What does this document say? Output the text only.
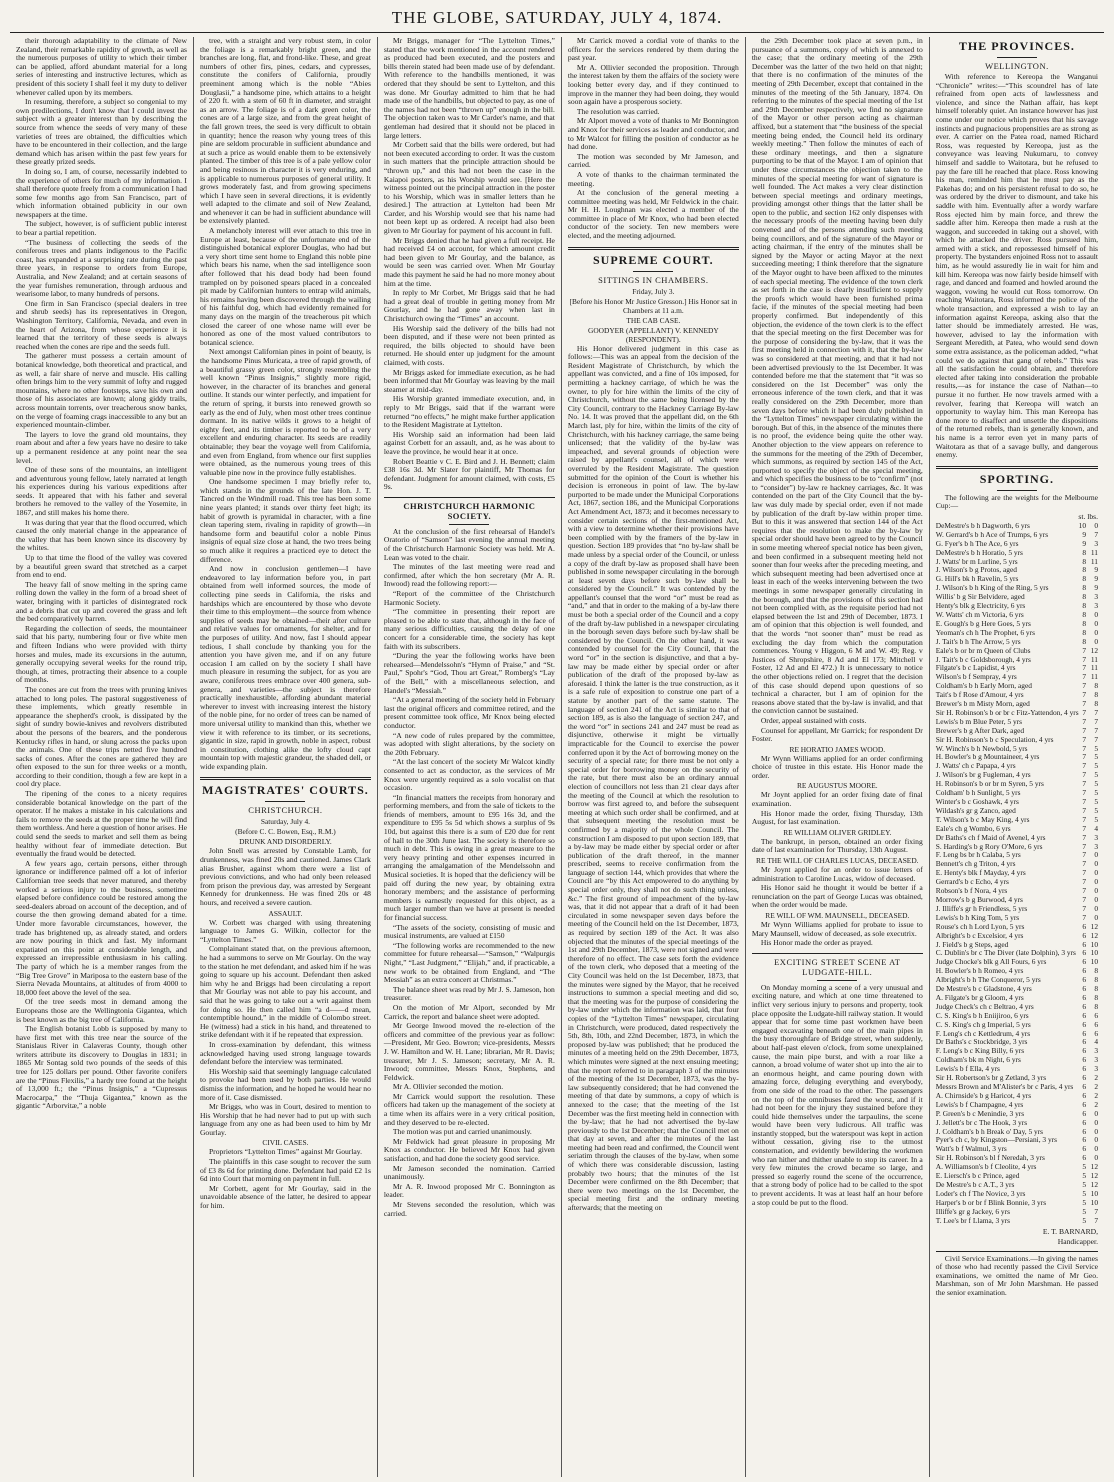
THE GLOBE, SATURDAY, JULY 4, 1874.

their thorough adaptability to the climate of New Zealand, their remarkable rapidity of growth, as well as the numerous purposes of utility to which their timber can be applied, afford abundant material for a long series of interesting and instructive lectures, which as president of this society I shall feel it my duty to deliver whenever called upon by its members.

In resuming, therefore, a subject so congenial to my own predilections, I don't know that I could invest the subject with a greater interest than by describing the source from whence the seeds of very many of these varieties of trees are obtained, the difficulties which have to be encountered in their collection, and the large demand which has arisen within the past few years for these greatly prized seeds.

In doing so, I am, of course, necessarily indebted to the experience of others for much of my information. I shall therefore quote freely from a communication I had some few months ago from San Francisco, part of which information obtained publicity in our own newspapers at the time.

The subject, however, is of sufficient public interest to bear a partial repetition.

“The business of collecting the seeds of the coniferous trees and plants indigenous to the Pacific coast, has expanded at a surprising rate during the past three years, in response to orders from Europe, Australia, and New Zealand; and at certain seasons of the year furnishes remuneration, through arduous and wearisome labor, to many hundreds of persons.

One firm in San Francisco (special dealers in tree and shrub seeds) has its representatives in Oregon, Washington Territory, California, Nevada, and even in the heart of Arizona, from whose experience it is learned that the territory of these seeds is always reached when the cones are ripe and the seeds full.

The gatherer must possess a certain amount of botanical knowledge, both theoretical and practical, and as well, a fair share of nerve and muscle. His calling often brings him to the very summit of lofty and rugged mountains, where no other footsteps, save his own and those of his associates are known; along giddy trails, across mountain torrents, over treacherous snow banks, on the verge of foaming crags inaccessible to any but an experienced mountain-climber.

The layers to love the grand old mountains, they roam about and after a few years have no desire to take up a permanent residence at any point near the sea level.

One of these sons of the mountains, an intelligent and adventurous young fellow, lately narrated at length his experiences during his various expeditions after seeds. It appeared that with his father and several brothers he removed to the valley of the Yosemite, in 1867, and still makes his home there.

It was during that year that the flood occurred, which caused the only material change in the appearance of the valley that has been known since its discovery by the whites.

Up to that time the flood of the valley was covered by a beautiful green sward that stretched as a carpet from end to end.

The heavy fall of snow melting in the spring came rolling down the valley in the form of a broad sheet of water, bringing with it particles of disintegrated rock and a debris that cut up and covered the grass and left the bed comparatively barren.

Regarding the collection of seeds, the mountaineer said that his party, numbering four or five white men and fifteen Indians who were provided with thirty horses and mules, made its excursions in the autumn, generally occupying several weeks for the round trip, though, at times, protracting their absence to a couple of months.

The cones are cut from the trees with pruning knives attached to long poles. The pastoral suggestiveness of these implements, which greatly resemble in appearance the shepherd's crook, is dissipated by the sight of sundry bowie-knives and revolvers distributed about the persons of the bearers, and the ponderous Kentucky rifles in hand, or slung across the packs upon the animals. One of these trips netted five hundred sacks of cones. After the cones are gathered they are often exposed to the sun for three weeks or a month, according to their condition, though a few are kept in a cool dry place.

The ripening of the cones to a nicety requires considerable botanical knowledge on the part of the operator. If he makes a mistake in his calculations and fails to remove the seeds at the proper time he will find them worthless. And here a question of honor arises. He could send the seeds to market and sell them as being healthy without fear of immediate detection. But eventually the fraud would be detected.

A few years ago, certain persons, either through ignorance or indifference palmed off a lot of inferior Californian tree seeds that never matured, and thereby worked a serious injury to the business, sometime elapsed before confidence could be restored among the seed-dealers abroad on account of the deception, and of course the then growing demand abated for a time. Under more favorable circumstances, however, the trade has brightened up, as already stated, and orders are now pouring in thick and fast. My informant expatiated on this point at considerable length, and expressed an irrepressible enthusiasm in his calling. The party of which he is a member ranges from the “Big Tree Grove” in Mariposa to the eastern base of the Sierra Nevada Mountains, at altitudes of from 4000 to 18,000 feet above the level of the sea.

Of the tree seeds most in demand among the Europeans those are the Wellingtonia Gigantea, which is best known as the big tree of California.

The English botanist Lobb is supposed by many to have first met with this tree near the source of the Stanislaus River in Calaveras County, though other writers attribute its discovery to Douglas in 1831; in 1865 Mr Sontag sold two pounds of the seeds of this tree for 125 dollars per pound. Other favorite conifers are the “Pinus Flexilis,” a hardy tree found at the height of 13,000 ft.; the “Pinus Insignis,” a “Cupressus Macrocarpa,” the “Thuja Gigantea,” known as the gigantic “Arborvitæ,” a noble

tree, with a straight and very robust stem, in color the foliage is a remarkably bright green, and the branches are long, flat, and frond-like. These, and great numbers of other firs, pines, cedars, and cypresses, constitute the conifers of California, proudly preeminent among which is the noble “Abies Douglasii,” a handsome pine, which attains to a height of 220 ft. with a stem of 60 ft in diameter, and straight as an arrow. The foliage is of a dark green color, the cones are of a large size, and from the great height of the fall grown trees, the seed is very difficult to obtain in quantity; hence the reason why young trees of this pine are seldom procurable in sufficient abundance and at such a price as would enable them to be extensively planted. The timber of this tree is of a pale yellow color and being resinous in character it is very enduring, and is applicable to numerous purposes of general utility. It grows moderately fast, and from growing specimens which I have seen in several directions, it is evidently well adapted to the climate and soil of New Zealand, and whenever it can be had in sufficient abundance will be extensively planted.

A melancholy interest will ever attach to this tree in Europe at least, because of the unfortunate end of the distinguished botanical explorer Douglas, who had but a very short time sent home to England this noble pine which bears his name, when the sad intelligence soon after followed that his dead body had been found trampled on by poisoned spears placed in a concealed pit made by Californian hunters to entrap wild animals, his remains having been discovered through the wailing of his faithful dog, which had evidently remained for many days on the margin of the treacherous pit which closed the career of one whose name will ever be honored as one of the most valued contributors to botanical science.

Next amongst Californian pines in point of beauty, is the handsome Pinus Muricata, a tree of rapid growth, of a beautiful grassy green color, strongly resembling the well known “Pinus Insignis,” slightly more rigid, however, in the character of its branches and general outline. It stands our winter perfectly, and impatient for the return of spring, it bursts into renewed growth so early as the end of July, when most other trees continue dormant. In its native wilds it grows to a height of eighty feet, and its timber is reported to be of a very excellent and enduring character. Its seeds are readily obtainable; they bear the voyage well from California, and even from England, from whence our first supplies were obtained, as the numerous young trees of this valuable pine now in the province fully establishes.

One handsome specimen I may briefly refer to, which stands in the grounds of the late Hon. J. T. Tancred on the Windmill road. This tree has been some nine years planted; it stands over thirty feet high; its habit of growth is pyramidal in character, with a fine clean tapering stem, rivaling in rapidity of growth—in handsome form and beautiful color a noble Pinus insignis of equal size close at hand, the two trees being so much alike it requires a practiced eye to detect the difference.

And now in conclusion gentlemen—I have endeavored to lay information before you, in part obtained from well informed sources, the mode of collecting pine seeds in California, the risks and hardships which are encountered by those who devote their time to this employment—the source from whence supplies of seeds may be obtained—their after culture and relative values for ornaments, for shelter, and for the purposes of utility. And now, fast I should appear tedious, I shall conclude by thanking you for the attention you have given me, and if on any future occasion I am called on by the society I shall have much pleasure in resuming the subject, for as you are aware, coniferous trees embrace over 400 genera, sub-genera, and varieties—the subject is therefore practically inexhaustible, affording abundant material wherever to invest with increasing interest the history of the noble pine, for no order of trees can be named of more universal utility to mankind than this, whether we view it with reference to its timber, or its secretions, gigantic in size, rapid in growth, noble in aspect, robust in constitution, clothing alike the lofty cloud capt mountain top with majestic grandeur, the shaded dell, or wide expanding plain.

MAGISTRATES' COURTS.
CHRISTCHURCH.
Saturday, July 4.
(Before C. C. Bowen, Esq., R.M.)
DRUNK AND DISORDERLY.

John Snell was arrested by Constable Lamb, for drunkenness, was fined 20s and cautioned. James Clark alias Brusher, against whom there were a list of previous convictions, and who had only been released from prison the previous day, was arrested by Sergeant Kennedy for drunkenness. He was fined 20s or 48 hours, and received a severe caution.

ASSAULT.

W. Corbett was charged with using threatening language to James G. Wilkin, collector for the “Lyttelton Times.”

Complainant stated that, on the previous afternoon, he had a summons to serve on Mr Gourlay. On the way to the station he met defendant, and asked him if he was going to square up his account. Defendant then asked him why he and Briggs had been circulating a report that Mr Gourlay was not able to pay his account, and said that he was going to take out a writ against them for doing so. He then called him “a d——d mean, contemptible hound,” in the middle of Colombo street. He (witness) had a stick in his hand, and threatened to strike defendant with it if he repeated that expression.

In cross-examination by defendant, this witness acknowledged having used strong language towards defendant before the interview was terminated.

His Worship said that seemingly language calculated to provoke had been used by both parties. He would dismiss the information, and he hoped he would hear no more of it. Case dismissed.

Mr Briggs, who was in Court, desired to mention to His Worship that he had never had to put up with such language from any one as had been used to him by Mr Gourlay.

CIVIL CASES.

Proprietors “Lyttelton Times” against Mr Gourlay.

The plaintiffs in this case sought to recover the sum of £3 8s 6d for printing done. Defendant had paid £2 1s 6d into Court that morning on payment in full.

Mr Corbett, agent for Mr Gourlay, said in the unavoidable absence of the latter, he desired to appear for him.

Mr Briggs, manager for “The Lyttelton Times,” stated that the work mentioned in the account rendered as produced had been executed, and the posters and bills therein stated had been made use of by defendant. With reference to the handbills mentioned, it was ordered that they should be sent to Lyttelton, and this was done. Mr Gourlay admitted to him that he had made use of the handbills, but objected to pay, as one of the names had not been “thrown up” enough in the bill. The objection taken was to Mr Carder's name, and that gentleman had desired that it should not be placed in large letters.

Mr Corbett said that the bills were ordered, but had not been executed according to order. It was the custom in such matters that the principle attraction should be “thrown up,” and this had not been the case in the Kaiapoi posters, as his Worship would see. [Here the witness pointed out the principal attraction in the poster to his Worship, which was in smaller letters than he desired.] The attraction at Lyttelton had been Mr Carder, and his Worship would see that his name had not been kept up as ordered. A receipt had also been given to Mr Gourlay for payment of his account in full.

Mr Briggs denied that he had given a full receipt. He had received £4 on account, for which amount credit had been given to Mr Gourlay, and the balance, as would be seen was carried over. When Mr Gourlay made this payment he said he had no more money about him at the time.

In reply to Mr Corbet, Mr Briggs said that he had had a great deal of trouble in getting money from Mr Gourlay, and he had gone away when last in Christchurch owing the “Times” an account.

His Worship said the delivery of the bills had not been disputed, and if these were not been printed as required, the bills objected to should have been returned. He should enter up judgment for the amount claimed, with costs.

Mr Briggs asked for immediate execution, as he had been informed that Mr Gourlay was leaving by the mail steamer at mid-day.

His Worship granted immediate execution, and, in reply to Mr Briggs, said that if the warrant were returned “no effects,” he might make further application to the Resident Magistrate at Lyttelton.

His Worship said an information had been laid against Corbett for an assault, and, as he was about to leave the province, he would hear it at once.

Robert Beattie v C. E. Bird and J. H. Bennett; claim £38 16s 3d. Mr Slater for plaintiff, Mr Thomas for defendant. Judgment for amount claimed, with costs, £5 9s.

CHRISTCHURCH HARMONIC SOCIETY.

At the conclusion of the first rehearsal of Handel's Oratorio of “Samson” last evening the annual meeting of the Christchurch Harmonic Society was held. Mr A. Lean was voted to the chair.

The minutes of the last meeting were read and confirmed, after which the hon secretary (Mr A. R. Inwood) read the following report:—

“Report of the committee of the Christchurch Harmonic Society.

“The committee in presenting their report are pleased to be able to state that, although in the face of many serious difficulties, causing the delay of one concert for a considerable time, the society has kept faith with its subscribers.

“During the year the following works have been rehearsed—Mendelssohn's “Hymn of Praise,” and “St. Paul,” Spohr's “God, Thou art Great,” Romberg's “Lay of the Bell,” with a miscellaneous selection, and Handel's “Messiah.”

“At a general meeting of the society held in February last the original officers and committee retired, and the present committee took office, Mr Knox being elected conductor.

“A new code of rules prepared by the committee, was adopted with slight alterations, by the society on the 20th February.

“At the last concert of the society Mr Walcot kindly consented to act as conductor, as the services of Mr Knox were urgently required as a solo vocalist on that occasion.

“In financial matters the receipts from honorary and performing members, and from the sale of tickets to the friends of members, amount to £95 16s 3d, and the expenditure to £95 5s 5d which shows a surplus of 9s 10d, but against this there is a sum of £20 due for rent of hall to the 30th June last. The society is therefore so much in debt. This is owing in a great measure to the very heavy printing and other expenses incurred in arranging the amalgamation of the Mendelssohn and Musical societies. It is hoped that the deficiency will be paid off during the new year, by obtaining extra honorary members; and the assistance of performing members is earnestly requested for this object, as a much larger number than we have at present is needed for financial success.

“The assets of the society, consisting of music and musical instruments, are valued at £150

“The following works are recommended to the new committee for future rehearsal—“Samson,” “Walpurgis Night,” “Last Judgment,” “Elijah,” and, if practicable, a new work to be obtained from England, and “The Messiah” as an extra concert at Christmas.”

The balance sheet was read by Mr J. S. Jameson, hon treasurer.

On the motion of Mr Alport, seconded by Mr Carrick, the report and balance sheet were adopted.

Mr George Inwood moved the re-election of the officers and committee of the previous year as follow:—President, Mr Geo. Bowron; vice-presidents, Messrs J. W. Hamilton and W. H. Lane; librarian, Mr R. Davis; treasurer, Mr J. S. Jameson; secretary, Mr A. R. Inwood; committee, Messrs Knox, Stephens, and Feldwick.

Mr A. Ollivier seconded the motion.

Mr Carrick would support the resolution. These officers had taken up the management of the society at a time when its affairs were in a very critical position, and they deserved to be re-elected.

The motion was put and carried unanimously.

Mr Feldwick had great pleasure in proposing Mr Knox as conductor. He believed Mr Knox had given satisfaction, and had done the society good service.

Mr Jameson seconded the nomination. Carried unanimously.

Mr A. R. Inwood proposed Mr C. Bonnington as leader.

Mr Stevens seconded the resolution, which was carried.

Mr Carrick moved a cordial vote of thanks to the officers for the services rendered by them during the past year.

Mr A. Ollivier seconded the proposition. Through the interest taken by them the affairs of the society were looking better every day, and if they continued to improve in the manner they had been doing, they would soon again have a prosperous society.

The resolution was carried.

Mr Alport moved a vote of thanks to Mr Bonnington and Knox for their services as leader and conductor, and to Mr Walcot for filling the position of conductor as he had done.

The motion was seconded by Mr Jameson, and carried.

A vote of thanks to the chairman terminated the meeting.

At the conclusion of the general meeting a committee meeting was held, Mr Feldwick in the chair. Mr H. H. Loughnan was elected a member of the committee in place of Mr Knox, who had been elected conductor of the society. Ten new members were elected, and the meeting adjourned.

SUPREME COURT.
SITTINGS IN CHAMBERS.
Friday, July 3.
[Before his Honor Mr Justice Gresson.] His Honor sat in Chambers at 11 a.m.
THE CAB CASE.
GOODYER (APPELLANT) V. KENNEDY (RESPONDENT).

His Honor delivered judgment in this case as follows:—This was an appeal from the decision of the Resident Magistrate of Christchurch, by which the appellant was convicted, and a fine of 10s imposed, for permitting a hackney carriage, of which he was the owner, to ply for hire within the limits of the city of Christchurch, without the same being licensed by the City Council, contrary to the Hackney Carriage By-law No. 14. It was proved that the appellant did, on the 6th March last, ply for hire, within the limits of the city of Christchurch, with his hackney carriage, the same being unlicensed; that the validity of the by-law was impeached, and several grounds of objection were raised by appellant's counsel, all of which were overruled by the Resident Magistrate. The question submitted for the opinion of the Court is whether his decision is erroneous in point of law. The by-law purported to be made under the Municipal Corporations Act, 1867, section 186, and the Municipal Corporations Act Amendment Act, 1873; and it becomes necessary to consider certain sections of the first-mentioned Act, with a view to determine whether their provisions have been complied with by the framers of the by-law in question. Section 189 provides that “no by-law shall be made unless by a special order of the Council, or unless a copy of the draft by-law as proposed shall have been published in some newspaper circulating in the borough at least seven days before such by-law shall be considered by the Council.” It was contended by the appellant's counsel that the word “or” must be read as “and,” and that in order to the making of a by-law there must be both a special order of the Council and a copy of the draft by-law published in a newspaper circulating in the borough seven days before such by-law shall be considered by the Council. On the other hand, it was contended by counsel for the City Council, that the word “or” in the section is disjunctive, and that a by-law may be made either by special order or after publication of the draft of the proposed by-law as aforesaid. I think the latter is the true construction, as it is a safe rule of exposition to construe one part of a statute by another part of the same statute. The language of section 241 of the Act is similar to that of section 189, as is also the language of section 247, and the word “or” in sections 241 and 247 must be read as disjunctive, otherwise it might be virtually impracticable for the Council to exercise the power conferred upon it by the Act of borrowing money on the security of a special rate; for there must be not only a special order for borrowing money on the security of the rate, but there must also be an ordinary annual election of councillors not less than 21 clear days after the meeting of the Council at which the resolution to borrow was first agreed to, and before the subsequent meeting at which such order shall be confirmed, and at that subsequent meeting the resolution must be confirmed by a majority of the whole Council. The construction I am disposed to put upon section 189, that a by-law may be made either by special order or after publication of the draft thereof, in the manner prescribed, seems to receive confirmation from the language of section 144, which provides that where the Council are “by this Act empowered to do anything by special order only, they shall not do such thing unless, &c.” The first ground of impeachment of the by-law was, that it did not appear that a draft of it had been circulated in some newspaper seven days before the meeting of the Council held on the 1st December, 1873, as required by section 189 of the Act. It was also objected that the minutes of the special meetings of the 1st and 29th December, 1873, were not signed and were therefore of no effect. The case sets forth the evidence of the town clerk, who deposed that a meeting of the City Council was held on the 1st December, 1873, that the minutes were signed by the Mayor, that he received instructions to summon a special meeting and did so, that the meeting was for the purpose of considering the by-law under which the information was laid, that four copies of the “Lyttelton Times” newspaper, circulating in Christchurch, were produced, dated respectively the 5th, 8th, 10th, and 22nd December, 1873, in which the proposed by-law was published; that he produced the minutes of a meeting held on the 29th December, 1873, which minutes were signed at the next ensuing meeting; that the report referred to in paragraph 3 of the minutes of the meeting of the 1st December, 1873, was the by-law subsequently considered; that he had convened the meeting of that date by summons, a copy of which is annexed to the case; that the meeting of the 1st December was the first meeting held in connection with the by-law; that he had not advertised the by-law previously to the 1st December; that the Council met on that day at seven, and after the minutes of the last meeting had been read and confirmed, the Council went seriatim through the clauses of the by-law, when some of which there was considerable discussion, lasting probably two hours; that the minutes of the 1st December were confirmed on the 8th December; that there were two meetings on the 1st December, the special meeting first and the ordinary meeting afterwards; that the meeting on

the 29th December took place at seven p.m., in pursuance of a summons, copy of which is annexed to the case; that the ordinary meeting of the 29th December was the latter of the two held on that night; that there is no confirmation of the minutes of the meeting of 29th December, except that contained in the minutes of the meeting of the 5th January, 1874. On referring to the minutes of the special meeting of the 1st and 29th December respectively, we find no signature of the Mayor or other person acting as chairman affixed, but a statement that “the business of the special meeting being ended, the Council held its ordinary weekly meeting.” Then follow the minutes of each of these ordinary meetings, and then a signature purporting to be that of the Mayor. I am of opinion that under these circumstances the objection taken to the minutes of the special meeting for want of signature is well founded. The Act makes a very clear distinction between special meetings and ordinary meetings, providing amongst other things that the latter shall be open to the public, and section 162 only dispenses with the necessary proofs of the meeting having been duly convened and of the persons attending such meeting being councillors, and of the signature of the Mayor or acting chairman, if the entry of the minutes shall be signed by the Mayor or acting Mayor at the next succeeding meeting; I think therefore that the signature of the Mayor ought to have been affixed to the minutes of each special meeting. The evidence of the town clerk as set forth in the case is clearly insufficient to supply the proofs which would have been furnished prima facie, if the minutes of the special meeting had been properly confirmed. But independently of this objection, the evidence of the town clerk is to the effect that the special meeting on the first December was for the purpose of considering the by-law, that it was the first meeting held in connection with it, that the by-law was so considered at that meeting, and that it had not been advertised previously to the 1st December. It was contended before me that the statement that “it was so considered on the 1st December” was only the erroneous inference of the town clerk, and that it was really considered on the 29th December, more than seven days before which it had been duly published in the “Lyttelton Times” newspaper circulating within the borough. But of this, in the absence of the minutes there is no proof, the evidence being quite the other way. Another objection to the view appears on reference to the summons for the meeting of the 29th of December, which summons, as required by section 145 of the Act, purported to specify the object of the special meeting, and which specifies the business to be to “confirm” (not to “consider”) by-law re hackney carriages, &c. It was contended on the part of the City Council that the by-law was duly made by special order, even if not made by publication of the draft by-law within proper time. But to this it was answered that section 144 of the Act requires that the resolution to make the by-law by special order should have been agreed to by the Council in some meeting whereof special notice has been given, and been confirmed in a subsequent meeting held not sooner than four weeks after the preceding meeting, and which subsequent meeting had been advertised once at least in each of the weeks intervening between the two meetings in some newspaper generally circulating in the borough, and that the provisions of this section had not been complied with, as the requisite period had not elapsed between the 1st and 29th of December, 1873. I am of opinion that this objection is well founded, and that the words “not sooner than” must be read as excluding the day from which the computation commences. Young v Higgon, 6 M and W. 49; Reg. v Justices of Shropshire, 8 Ad and El 173; Mitchell v Foster, 12 Ad and El 472.) It is unnecessary to notice the other objections relied on. I regret that the decision of this case should depend upon questions of so technical a character, but I am of opinion for the reasons above stated that the by-law is invalid, and that the conviction cannot be sustained.

Order, appeal sustained with costs.

Counsel for appellant, Mr Garrick; for respondent Dr Foster.

RE HORATIO JAMES WOOD.

Mr Wynn Williams applied for an order confirming choice of trustee in this estate. His Honor made the order.

RE AUGUSTUS MOORE.

Mr Joynt applied for an order fixing date of final examination.

His Honor made the order, fixing Thursday, 13th August, for last examination.

RE WILLIAM OLIVER GRIDLEY.

The bankrupt, in person, obtained an order fixing date of last examination for Thursday, 13th August.

RE THE WILL OF CHARLES LUCAS, DECEASED.

Mr Joynt applied for an order to issue letters of administration to Caroline Lucas, widow of deceased.

His Honor said he thought it would be better if a renunciation on the part of George Lucas was obtained, when the order would be made.

RE WILL OF WM. MAUNSELL, DECEASED.

Mr Wynn Williams applied for probate to issue to Mary Maunsell, widow of deceased, as sole executrix.

His Honor made the order as prayed.

EXCITING STREET SCENE AT LUDGATE-HILL.

On Monday morning a scene of a very unusual and exciting nature, and which at one time threatened to inflict very serious injury to persons and property, took place opposite the Ludgate-hill railway station. It would appear that for some time past workmen have been engaged excavating beneath one of the main pipes in the busy thoroughfare of Bridge street, when suddenly, about half-past eleven o'clock, from some unexplained cause, the main pipe burst, and with a roar like a cannon, a broad volume of water shot up into the air to an enormous height, and came pouring down with amazing force, deluging everything and everybody, from one side of the road to the other. The passengers on the top of the omnibuses fared the worst, and if it had not been for the injury they sustained before they could hide themselves under the tarpaulins, the scene would have been very ludicrous. All traffic was instantly stopped, but the waterspout was kept in action without cessation, giving rise to the utmost consternation, and evidently bewildering the workmen who ran hither and thither unable to stop its career. In a very few minutes the crowd became so large, and pressed so eagerly round the scene of the occurrence, that a strong body of police had to be called to the spot to prevent accidents. It was at least half an hour before a stop could be put to the flood.

THE PROVINCES.
WELLINGTON.

With reference to Kereopa the Wanganui “Chronicle” writes:—“This scoundrel has of late refrained from open acts of lawlessness and violence, and since the Nathan affair, has kept himself tolerably quiet. An instance however has just come under our notice which proves that his savage instincts and pugnacious propensities are as strong as ever. A carrier on the Patea road, named Richard Ross, was requested by Kereopa, just as the conveyance was leaving Nukumaru, to convey himself and saddle to Waitotara, but he refused to pay the fare till he reached that place. Ross knowing his man, reminded him that he must pay as the Pakehas do; and on his persistent refusal to do so, he was ordered by the driver to dismount, and take his saddle with him. Eventually after a wordy warfare Ross ejected him by main force, and threw the saddle after him. Kereopa then made a rush at the waggon, and succeeded in taking out a shovel, with which he attacked the driver. Ross pursued him, armed with a stick, and repossessed himself of his property. The bystanders enjoined Ross not to assault him, as he would assuredly lie in wait for him and kill him. Kereopa was now fairly beside himself with rage, and danced and foamed and howled around the waggon, vowing he would cut Ross tomorrow. On reaching Waitotara, Ross informed the police of the whole transaction, and expressed a wish to lay an information against Kereopa, asking also that the latter should be immediately arrested. He was, however, advised to lay the information with Sergeant Meredith, at Patea, who would send down some extra assistance, as the policeman added, “what could we do against that gang of rebels.” This was all the satisfaction he could obtain, and therefore elected after taking into consideration the probable results,—as for instance the case of Nathan—to pursue it no further. He now travels armed with a revolver, fearing that Kereopa will watch an opportunity to waylay him. This man Kereopa has done more to disaffect and unsettle the dispositions of the returned rebels, than is generally known, and his name is a terror even yet in many parts of Waitotara as that of a savage bully, and dangerous enemy.

SPORTING.

The following are the weights for the Melbourne Cup:—

st. lbs.
DeMestre's b h Dagworth, 6 yrs	10 0
W. Gerrard's b h Ace of Trumps, 6 yrs	9 7
G. Fyer's b h The Ace, 6 yrs	9 3
DeMestre's b h Horatio, 5 yrs	8 11
J. Watts' br m Lurline, 5 yrs	8 11
J. Wilson's b g Protos, aged	8 9
G. Hill's bk h Ravelin, 5 yrs	8 9
J. Wilson's b h King of the Ring, 5 yrs	8 9
Willis' b g Sir Belvidere, aged	8 3
Henty's blk g Electricity, 6 yrs	8 3
W. Watts' ch m Victoria, 6 yrs	8 0
E. Gough's b g Here Goes, 5 yrs	8 0
Yeoman's ch h The Prophet, 6 yrs	8 0
J. Tait's b h The Arrow, 5 yrs	8 0
Eale's b or br m Queen of Clubs	7 12
J. Tait's b c Goldsborough, 4 yrs	7 11
Filgate's b c Lapidist, 4 yrs	7 11
Wilson's b f Sempray, 4 yrs	7 11
Coldham's b h Early Morn, aged	7 8
Tait's b f Rose d'Amour, 4 yrs	7 8
Brewer's b m Misty Morn, aged	7 8
Sir H. Robinson's b or br c Fitz-Yattendon, 4 yrs	7 7
Lewis's b m Blue Peter, 5 yrs	7 7
Brewer's b g After Dark, aged	7 7
Sir H. Robinson's b c Speculation, 4 yrs	7 7
W. Winch's b h Newbold, 5 yrs	7 5
H. Bowler's b g Mountaineer, 4 yrs	7 5
J. Watts' ch c Papapa, 4 yrs	7 5
J. Wilson's br g Fugleman, 4 yrs	7 5
H. Robinson's b or br m Syren, 5 yrs	7 5
Coldham' b h Sunlight, 5 yrs	7 5
Winter's b c Goshawk, 4 yrs	7 5
Wildash's gr g Zanco, aged	7 5
T. Wilson's b c May King, 4 yrs	7 5
Eale's ch g Wombo, 6 yrs	7 4
Dr Baths's ch f Maid of Avenel, 4 yrs	7 3
S. Harding's b g Rory O'More, 6 yrs	7 3
F. Leng bs br h Calaba, 5 yrs	7 0
Bennett's ch g Triton, 4 yrs	7 0
E. Henty's blk f Mayday, 4 yrs	7 0
Gerrard's b c Echo, 4 yrs	7 0
Robson's b f Nora, 4 yrs	7 0
Morrow's b g Burwood, 4 yrs	7 0
J. Illiffe's gr h Friendless, 5 yrs	7 0
Lewis's b h King Tom, 5 yrs	7 0
Rouse's ch h Lord Lyon, 5 yrs	6 12
Albright's b c Excelsior, 4 yrs	6 12
J. Field's b g Steps, aged	6 10
C. Dublin's br c The Diver (late Dolphin), 3 yrs	6 10
Judge Chocke's blk g All Fours, 6 yrs	6 10
H. Bowler's b h Romeo, 4 yrs	6 8
Albright's b h The Conqueror, 5 yrs	6 8
De Mestre's b c Gladstone, 4 yrs	6 8
A. Filgate's br g Gloom, 4 yrs	6 8
Judge Check's ch c Beltrao, 4 yrs	6 8
C. S. King's b h Eniijiroo, 6 yrs	6 6
C. S. King's ch g Imperial, 5 yrs	6 6
F. Leng's ch c Kettledrum, 4 yrs	6 6
Dr Baths's c Stockbridge, 3 yrs	6 4
F. Leng's b c King Billy, 6 yrs	6 3
Coldham's bk m Night, 6 yrs	6 3
Lewis's b f Ella, 4 yrs	6 3
Sir H. Robertson's br g Zetland, 3 yrs	6 2
Messrs Brown and M'Alister's br c Paris, 4 yrs	6 2
A. Chirnside's b g Haricot, 4 yrs	6 2
Lewis's b f Champagne, 4 yrs	6 2
P. Green's b c Menindie, 3 yrs	6 0
J. Jellett's br c The Hook, 3 yrs	6 0
J. Coldham's b h Break o' Day, 5 yrs	6 0
Pyer's ch c, by Kingston—Persiani, 3 yrs	6 0
Watt's b f Walmul, 3 yrs	6 0
Sir H. Robinson's bl f Neredah, 3 yrs	6 0
A. Williamson's b f Cleolite, 4 yrs	5 12
E. Liersch's b c Prince, aged	5 12
De Mestre's b c A.T., 3 yrs	5 12
Loder's ch f The Novice, 3 yrs	5 10
Harper's b or br f Blink Bonnie, 3 yrs	5 10
Illiffe's gr g Jackey, 6 yrs	5 7
T. Lee's br f Llama, 3 yrs	5 7
E. T. BARNARD,
Handicapper.

Civil Service Examinations.—In giving the names of those who had recently passed the Civil Service examinations, we omitted the name of Mr Geo. Marshman, son of Mr John Marshman. He passed the senior examination.
